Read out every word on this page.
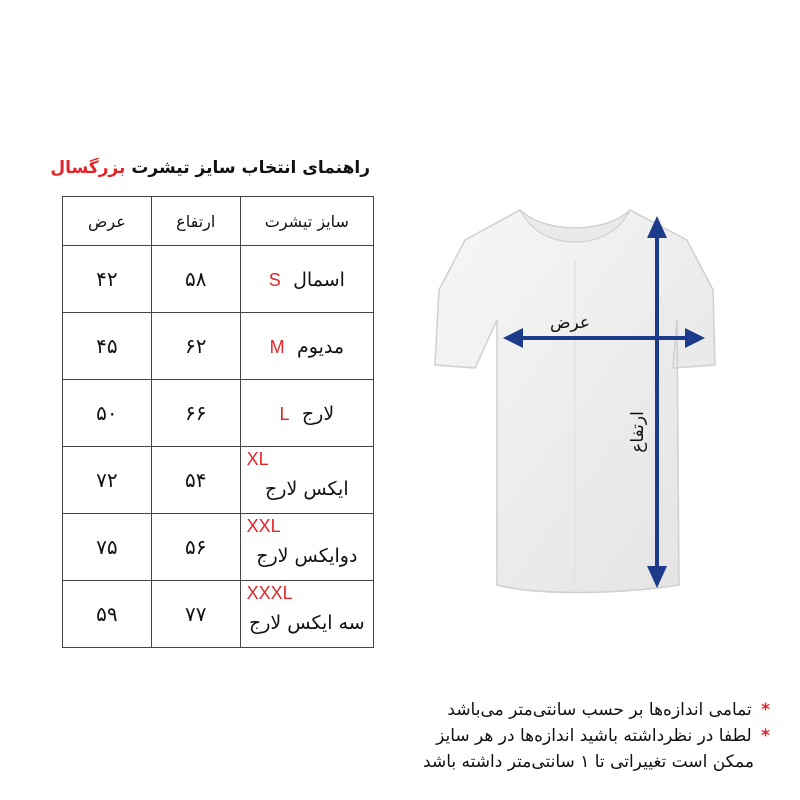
راهنمای انتخاب سایز تیشرت بزرگسال
سایز تیشرت	ارتفاع	عرض
اسمال S	۵۸	۴۲
مدیوم M	۶۲	۴۵
لارج L	۶۶	۵۰

XL
ایکس لارج	۵۴	۷۲

XXL
دوایکس لارج	۵۶	۷۵

XXXL
سه ایکس لارج	۷۷	۵۹
عرض
ارتفاع
* تمامی اندازه‌ها بر حسب سانتی‌متر می‌باشد
* لطفا در نظرداشته باشید اندازه‌ها در هر سایز
ممکن است تغییراتی تا ۱ سانتی‌متر داشته باشد
